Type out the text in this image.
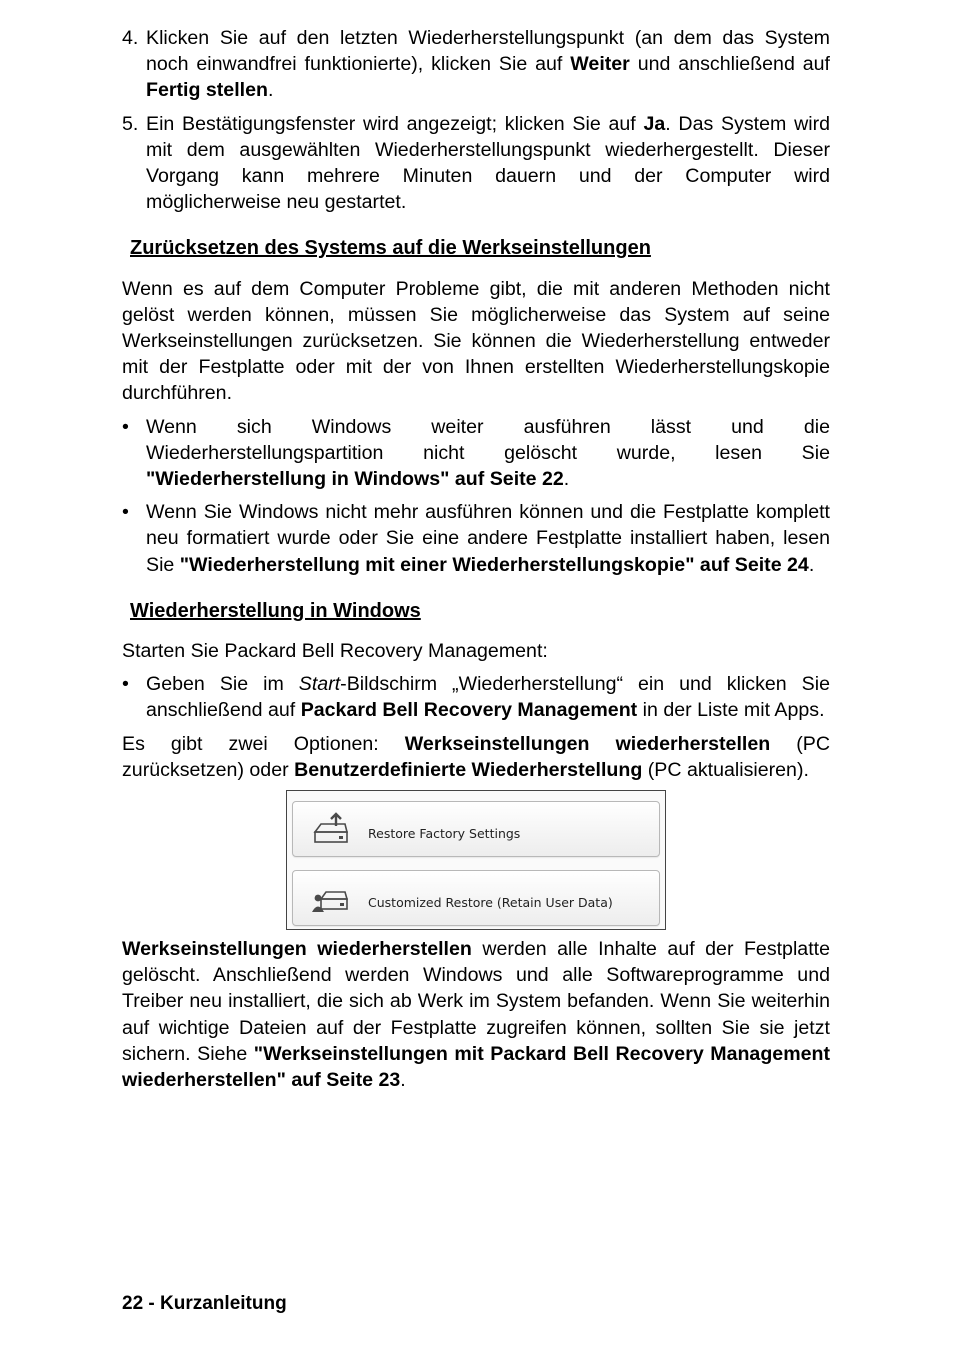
4. Klicken Sie auf den letzten Wiederherstellungspunkt (an dem das System noch einwandfrei funktionierte), klicken Sie auf Weiter und anschließend auf Fertig stellen.
5. Ein Bestätigungsfenster wird angezeigt; klicken Sie auf Ja. Das System wird mit dem ausgewählten Wiederherstellungspunkt wiederhergestellt. Dieser Vorgang kann mehrere Minuten dauern und der Computer wird möglicherweise neu gestartet.
Zurücksetzen des Systems auf die Werkseinstellungen

Wenn es auf dem Computer Probleme gibt, die mit anderen Methoden nicht gelöst werden können, müssen Sie möglicherweise das System auf seine Werkseinstellungen zurücksetzen. Sie können die Wiederherstellung entweder mit der Festplatte oder mit der von Ihnen erstellten Wiederherstellungskopie durchführen.

• Wenn sich Windows weiter ausführen lässt und die Wiederherstellungspartition nicht gelöscht wurde, lesen Sie "Wiederherstellung in Windows" auf Seite 22.
• Wenn Sie Windows nicht mehr ausführen können und die Festplatte komplett neu formatiert wurde oder Sie eine andere Festplatte installiert haben, lesen Sie "Wiederherstellung mit einer Wiederherstellungskopie" auf Seite 24.
Wiederherstellung in Windows

Starten Sie Packard Bell Recovery Management:

• Geben Sie im Start-Bildschirm „Wiederherstellung“ ein und klicken Sie anschließend auf Packard Bell Recovery Management in der Liste mit Apps.

Es gibt zwei Optionen: Werkseinstellungen wiederherstellen (PC zurücksetzen) oder Benutzerdefinierte Wiederherstellung (PC aktualisieren).

Restore Factory Settings
Customized Restore (Retain User Data)

Werkseinstellungen wiederherstellen werden alle Inhalte auf der Festplatte gelöscht. Anschließend werden Windows und alle Softwareprogramme und Treiber neu installiert, die sich ab Werk im System befanden. Wenn Sie weiterhin auf wichtige Dateien auf der Festplatte zugreifen können, sollten Sie sie jetzt sichern. Siehe "Werkseinstellungen mit Packard Bell Recovery Management wiederherstellen" auf Seite 23.

22 - Kurzanleitung
